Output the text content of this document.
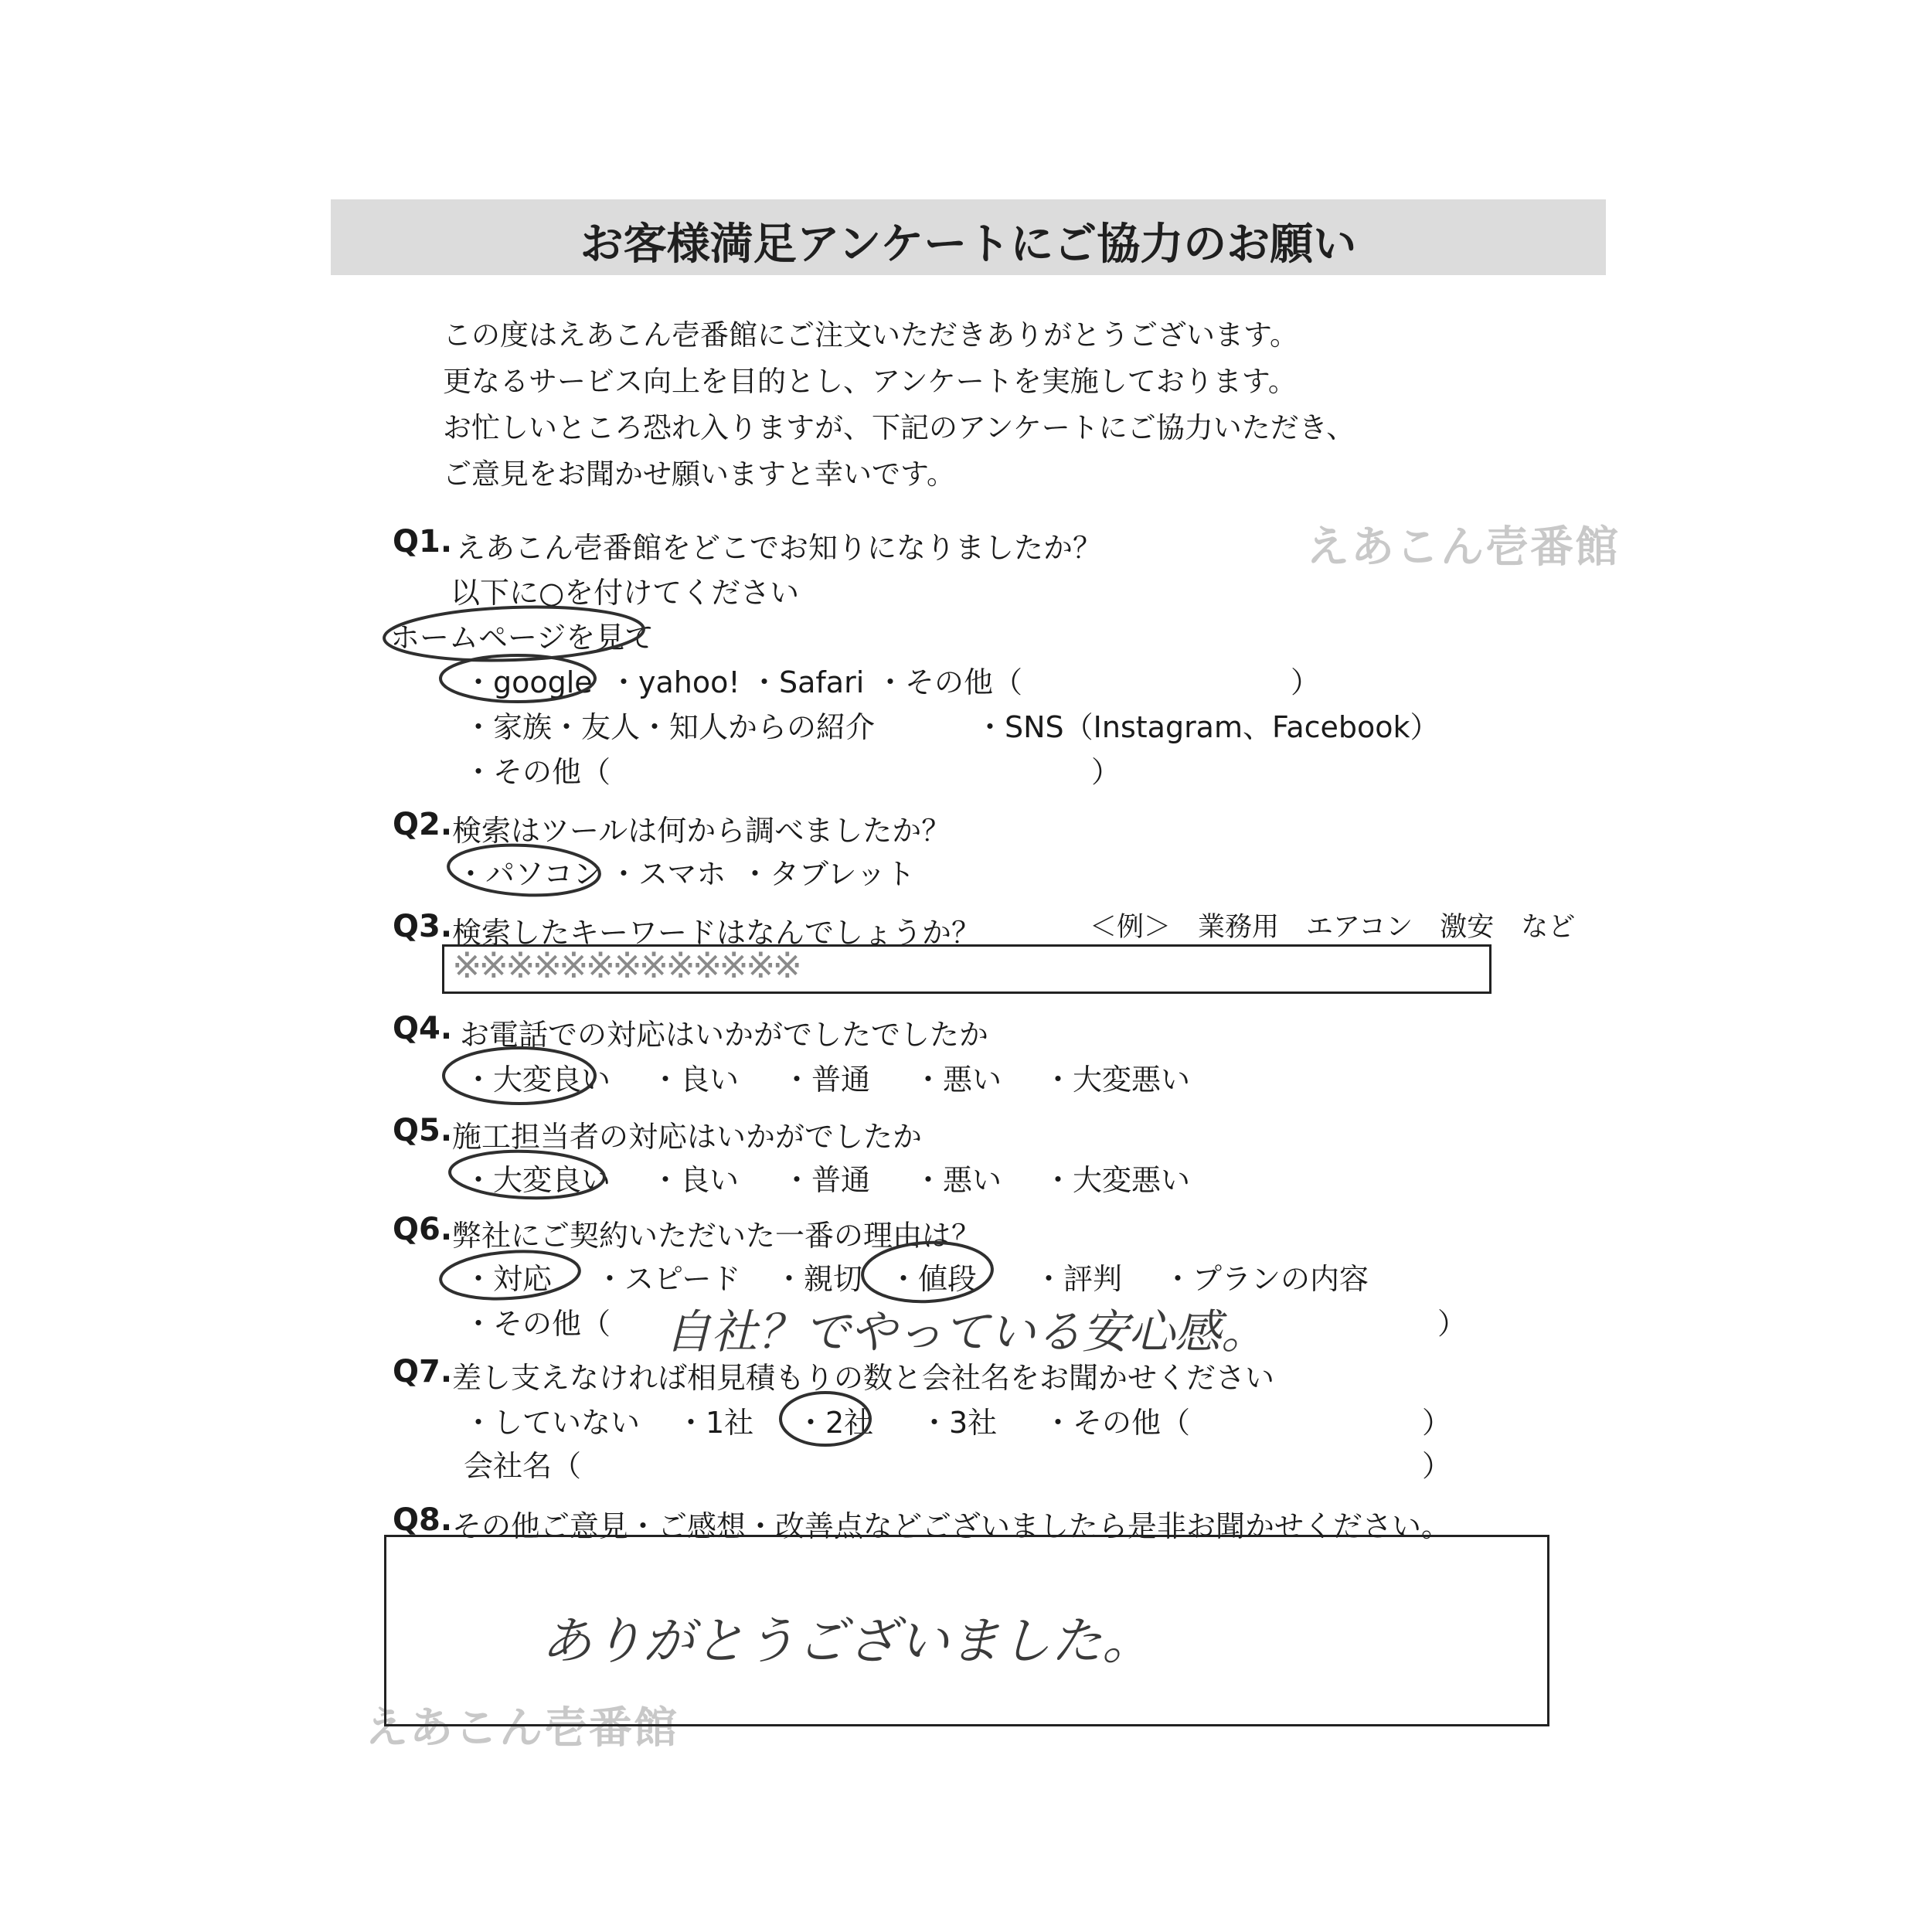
お客様満足アンケートにご協力のお願い
この度はえあこん壱番館にご注文いただきありがとうございます。
更なるサービス向上を目的とし、アンケートを実施しております。
お忙しいところ恐れ入りますが、下記のアンケートにご協力いただき、
ご意見をお聞かせ願いますと幸いです。
えあこん壱番館
えあこん壱番館
Q1. えあこん壱番館をどこでお知りになりましたか？
以下に○を付けてください
ホームページを見て
・google ・yahoo! ・Safari ・その他（	）
・家族・友人・知人からの紹介	・SNS（Instagram、Facebook）
・その他（	）
Q2. 検索はツールは何から調べましたか？
・パソコン ・スマホ ・タブレット
Q3. 検索したキーワードはなんでしょうか？	＜例＞　業務用　エアコン　激安　など
※※※※※※※※※※※※※
Q4. お電話での対応はいかがでしたでしたか
・大変良い ・良い ・普通 ・悪い ・大変悪い
Q5. 施工担当者の対応はいかがでしたか
・大変良い ・良い ・普通 ・悪い ・大変悪い
Q6. 弊社にご契約いただいた一番の理由は？
・対応 ・スピード ・親切 ・値段 ・評判 ・プランの内容
・その他（	）
自社？でやっている安心感。
Q7. 差し支えなければ相見積もりの数と会社名をお聞かせください
・していない ・1社 ・2社 ・3社 ・その他（	）
会社名（	）
Q8. その他ご意見・ご感想・改善点などございましたら是非お聞かせください。
ありがとうございました。
